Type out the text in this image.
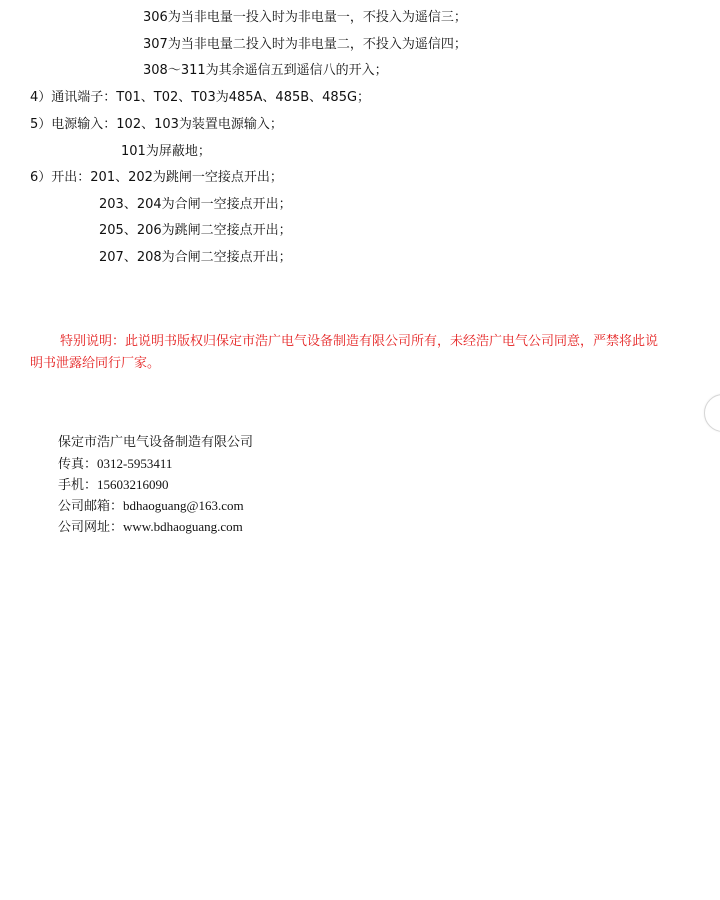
306为当非电量一投入时为非电量一，不投入为遥信三；
307为当非电量二投入时为非电量二，不投入为遥信四；
308～311为其余遥信五到遥信八的开入；
4）通讯端子：T01、T02、T03为485A、485B、485G；
5）电源输入：102、103为装置电源输入；
101为屏蔽地；
6）开出：201、202为跳闸一空接点开出；
203、204为合闸一空接点开出；
205、206为跳闸二空接点开出；
207、208为合闸二空接点开出；
特别说明：此说明书版权归保定市浩广电气设备制造有限公司所有，未经浩广电气公司同意，严禁将此说明书泄露给同行厂家。
保定市浩广电气设备制造有限公司
传真：0312-5953411
手机：15603216090
公司邮箱：bdhaoguang@163.com
公司网址：www.bdhaoguang.com
